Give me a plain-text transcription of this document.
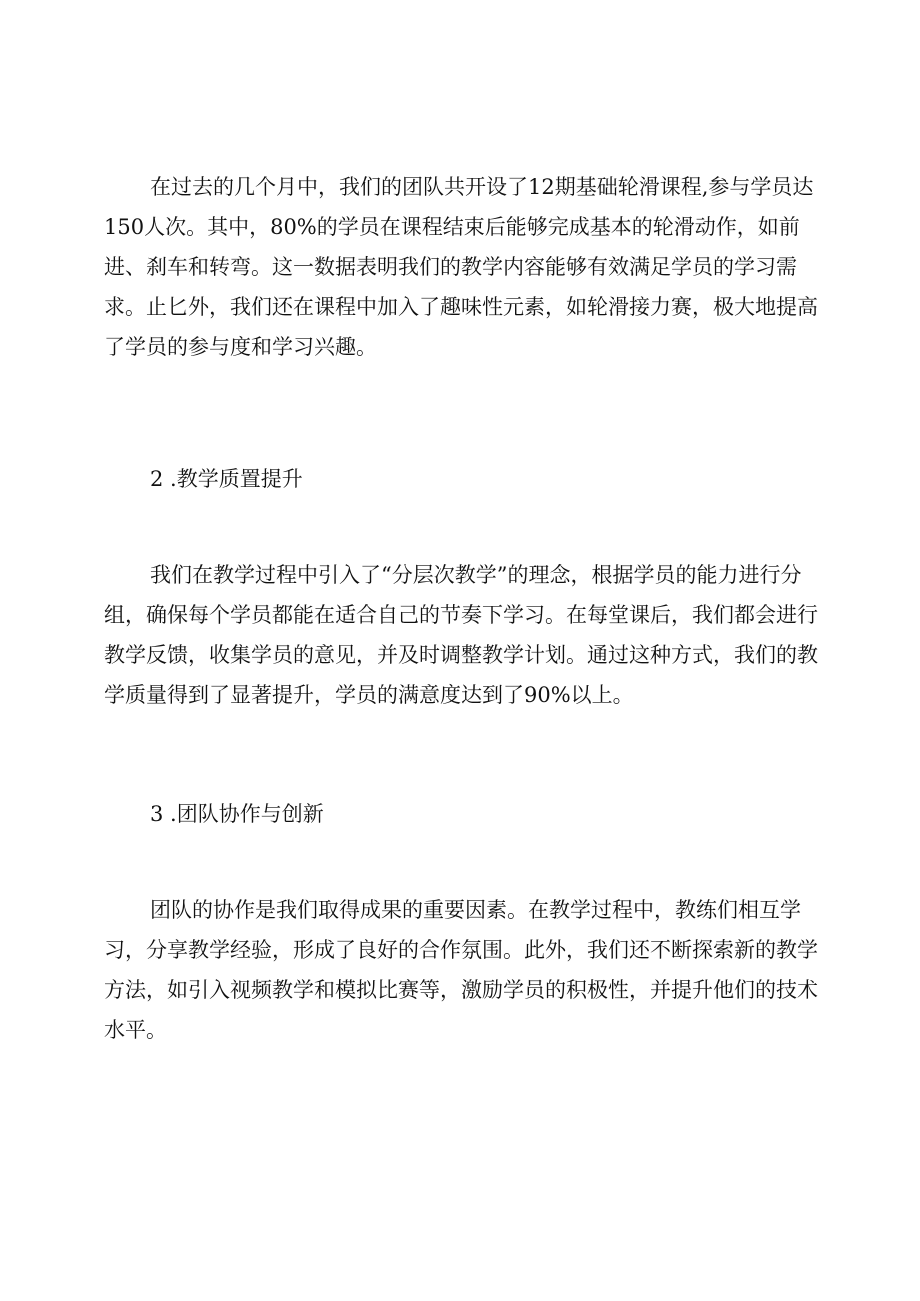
在过去的几个月中，我们的团队共开设了12期基础轮滑课程,参与学员达150人次。其中，80%的学员在课程结束后能够完成基本的轮滑动作，如前进、刹车和转弯。这一数据表明我们的教学内容能够有效满足学员的学习需求。止匕外，我们还在课程中加入了趣味性元素，如轮滑接力赛，极大地提高了学员的参与度和学习兴趣。

2 .教学质置提升

我们在教学过程中引入了“分层次教学”的理念，根据学员的能力进行分组，确保每个学员都能在适合自己的节奏下学习。在每堂课后，我们都会进行教学反馈，收集学员的意见，并及时调整教学计划。通过这种方式，我们的教学质量得到了显著提升，学员的满意度达到了90%以上。

3 .团队协作与创新

团队的协作是我们取得成果的重要因素。在教学过程中，教练们相互学习，分享教学经验，形成了良好的合作氛围。此外，我们还不断探索新的教学方法，如引入视频教学和模拟比赛等，激励学员的积极性，并提升他们的技术水平。
